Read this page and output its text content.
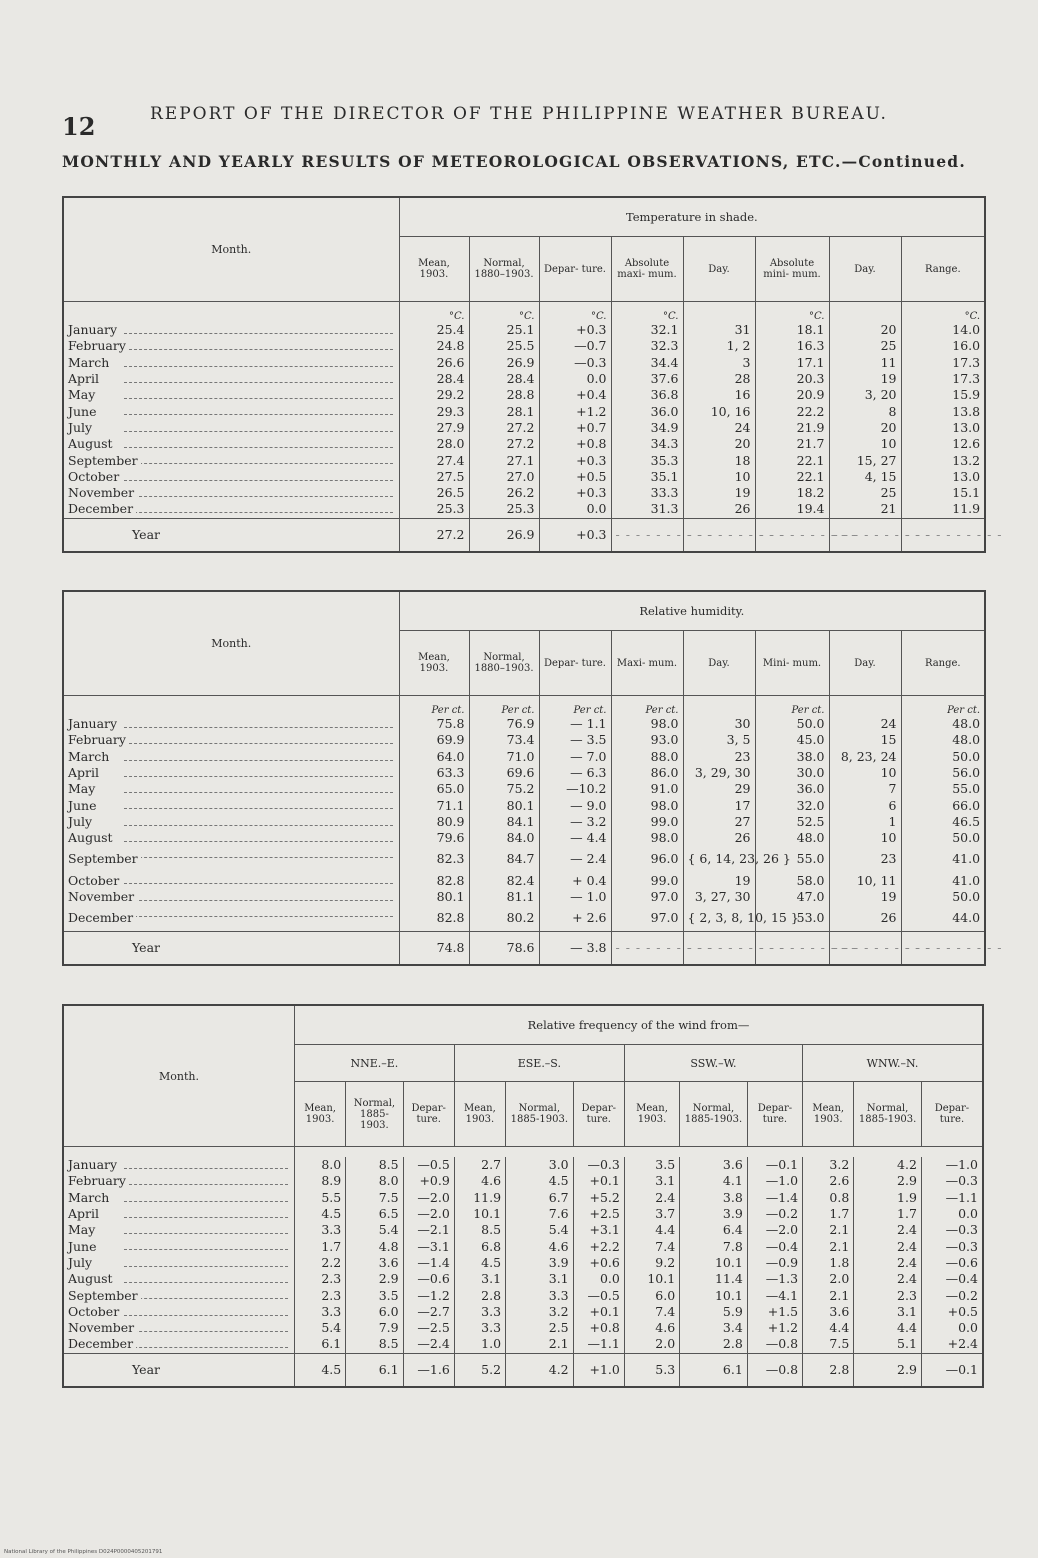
12	REPORT OF THE DIRECTOR OF THE PHILIPPINE WEATHER BUREAU.
MONTHLY AND YEARLY RESULTS OF METEOROLOGICAL OBSERVATIONS, ETC.—Continued.
Month.	Temperature in shade.							
	Mean, 1903.	Normal, 1880–1903.	Depar- ture.	Absolute maxi- mum.	Day.	Absolute mini- mum.	Day.	Range.
	°C.	°C.	°C.	°C.		°C.		°C.
January	25.4	25.1	+0.3	32.1	31	18.1	20	14.0
February	24.8	25.5	—0.7	32.3	1, 2	16.3	25	16.0
March	26.6	26.9	—0.3	34.4	3	17.1	11	17.3
April	28.4	28.4	0.0	37.6	28	20.3	19	17.3
May	29.2	28.8	+0.4	36.8	16	20.9	3, 20	15.9
June	29.3	28.1	+1.2	36.0	10, 16	22.2	8	13.8
July	27.9	27.2	+0.7	34.9	24	21.9	20	13.0
August	28.0	27.2	+0.8	34.3	20	21.7	10	12.6
September	27.4	27.1	+0.3	35.3	18	22.1	15, 27	13.2
October	27.5	27.0	+0.5	35.1	10	22.1	4, 15	13.0
November	26.5	26.2	+0.3	33.3	19	18.2	25	15.1
December	25.3	25.3	0.0	31.3	26	19.4	21	11.9
Year	27.2	26.9	+0.3	- - - - - - - - - -	- - - - - - - - - -	- - - - - - - - - -	- - - - - - - - - -	- - - - - - - - - -
Month.	Relative humidity.							
	Mean, 1903.	Normal, 1880–1903.	Depar- ture.	Maxi- mum.	Day.	Mini- mum.	Day.	Range.
	Per ct.	Per ct.	Per ct.	Per ct.		Per ct.		Per ct.
January	75.8	76.9	— 1.1	98.0	30	50.0	24	48.0
February	69.9	73.4	— 3.5	93.0	3, 5	45.0	15	48.0
March	64.0	71.0	— 7.0	88.0	23	38.0	8, 23, 24	50.0
April	63.3	69.6	— 6.3	86.0	3, 29, 30	30.0	10	56.0
May	65.0	75.2	—10.2	91.0	29	36.0	7	55.0
June	71.1	80.1	— 9.0	98.0	17	32.0	6	66.0
July	80.9	84.1	— 3.2	99.0	27	52.5	1	46.5
August	79.6	84.0	— 4.4	98.0	26	48.0	10	50.0
September	82.3	84.7	— 2.4	96.0	{ 6, 14, 23, 26 }	55.0	23	41.0
October	82.8	82.4	+ 0.4	99.0	19	58.0	10, 11	41.0
November	80.1	81.1	— 1.0	97.0	3, 27, 30	47.0	19	50.0
December	82.8	80.2	+ 2.6	97.0	{ 2, 3, 8, 10, 15 }	53.0	26	44.0
Year	74.8	78.6	— 3.8	- - - - - - - - - -	- - - - - - - - - -	- - - - - - - - - -	- - - - - - - - - -	- - - - - - - - - -
Month.	Relative frequency of the wind from—											
	NNE.–E.			ESE.–S.			SSW.–W.			WNW.–N.		
	Mean, 1903.	Normal, 1885-1903.	Depar- ture.	Mean, 1903.	Normal, 1885-1903.	Depar- ture.	Mean, 1903.	Normal, 1885-1903.	Depar- ture.	Mean, 1903.	Normal, 1885-1903.	Depar- ture.

January	8.0	8.5	—0.5	2.7	3.0	—0.3	3.5	3.6	—0.1	3.2	4.2	—1.0
February	8.9	8.0	+0.9	4.6	4.5	+0.1	3.1	4.1	—1.0	2.6	2.9	—0.3
March	5.5	7.5	—2.0	11.9	6.7	+5.2	2.4	3.8	—1.4	0.8	1.9	—1.1
April	4.5	6.5	—2.0	10.1	7.6	+2.5	3.7	3.9	—0.2	1.7	1.7	0.0
May	3.3	5.4	—2.1	8.5	5.4	+3.1	4.4	6.4	—2.0	2.1	2.4	—0.3
June	1.7	4.8	—3.1	6.8	4.6	+2.2	7.4	7.8	—0.4	2.1	2.4	—0.3
July	2.2	3.6	—1.4	4.5	3.9	+0.6	9.2	10.1	—0.9	1.8	2.4	—0.6
August	2.3	2.9	—0.6	3.1	3.1	0.0	10.1	11.4	—1.3	2.0	2.4	—0.4
September	2.3	3.5	—1.2	2.8	3.3	—0.5	6.0	10.1	—4.1	2.1	2.3	—0.2
October	3.3	6.0	—2.7	3.3	3.2	+0.1	7.4	5.9	+1.5	3.6	3.1	+0.5
November	5.4	7.9	—2.5	3.3	2.5	+0.8	4.6	3.4	+1.2	4.4	4.4	0.0
December	6.1	8.5	—2.4	1.0	2.1	—1.1	2.0	2.8	—0.8	7.5	5.1	+2.4
Year	4.5	6.1	—1.6	5.2	4.2	+1.0	5.3	6.1	—0.8	2.8	2.9	—0.1
National Library of the Philippines D024P0000405201791
